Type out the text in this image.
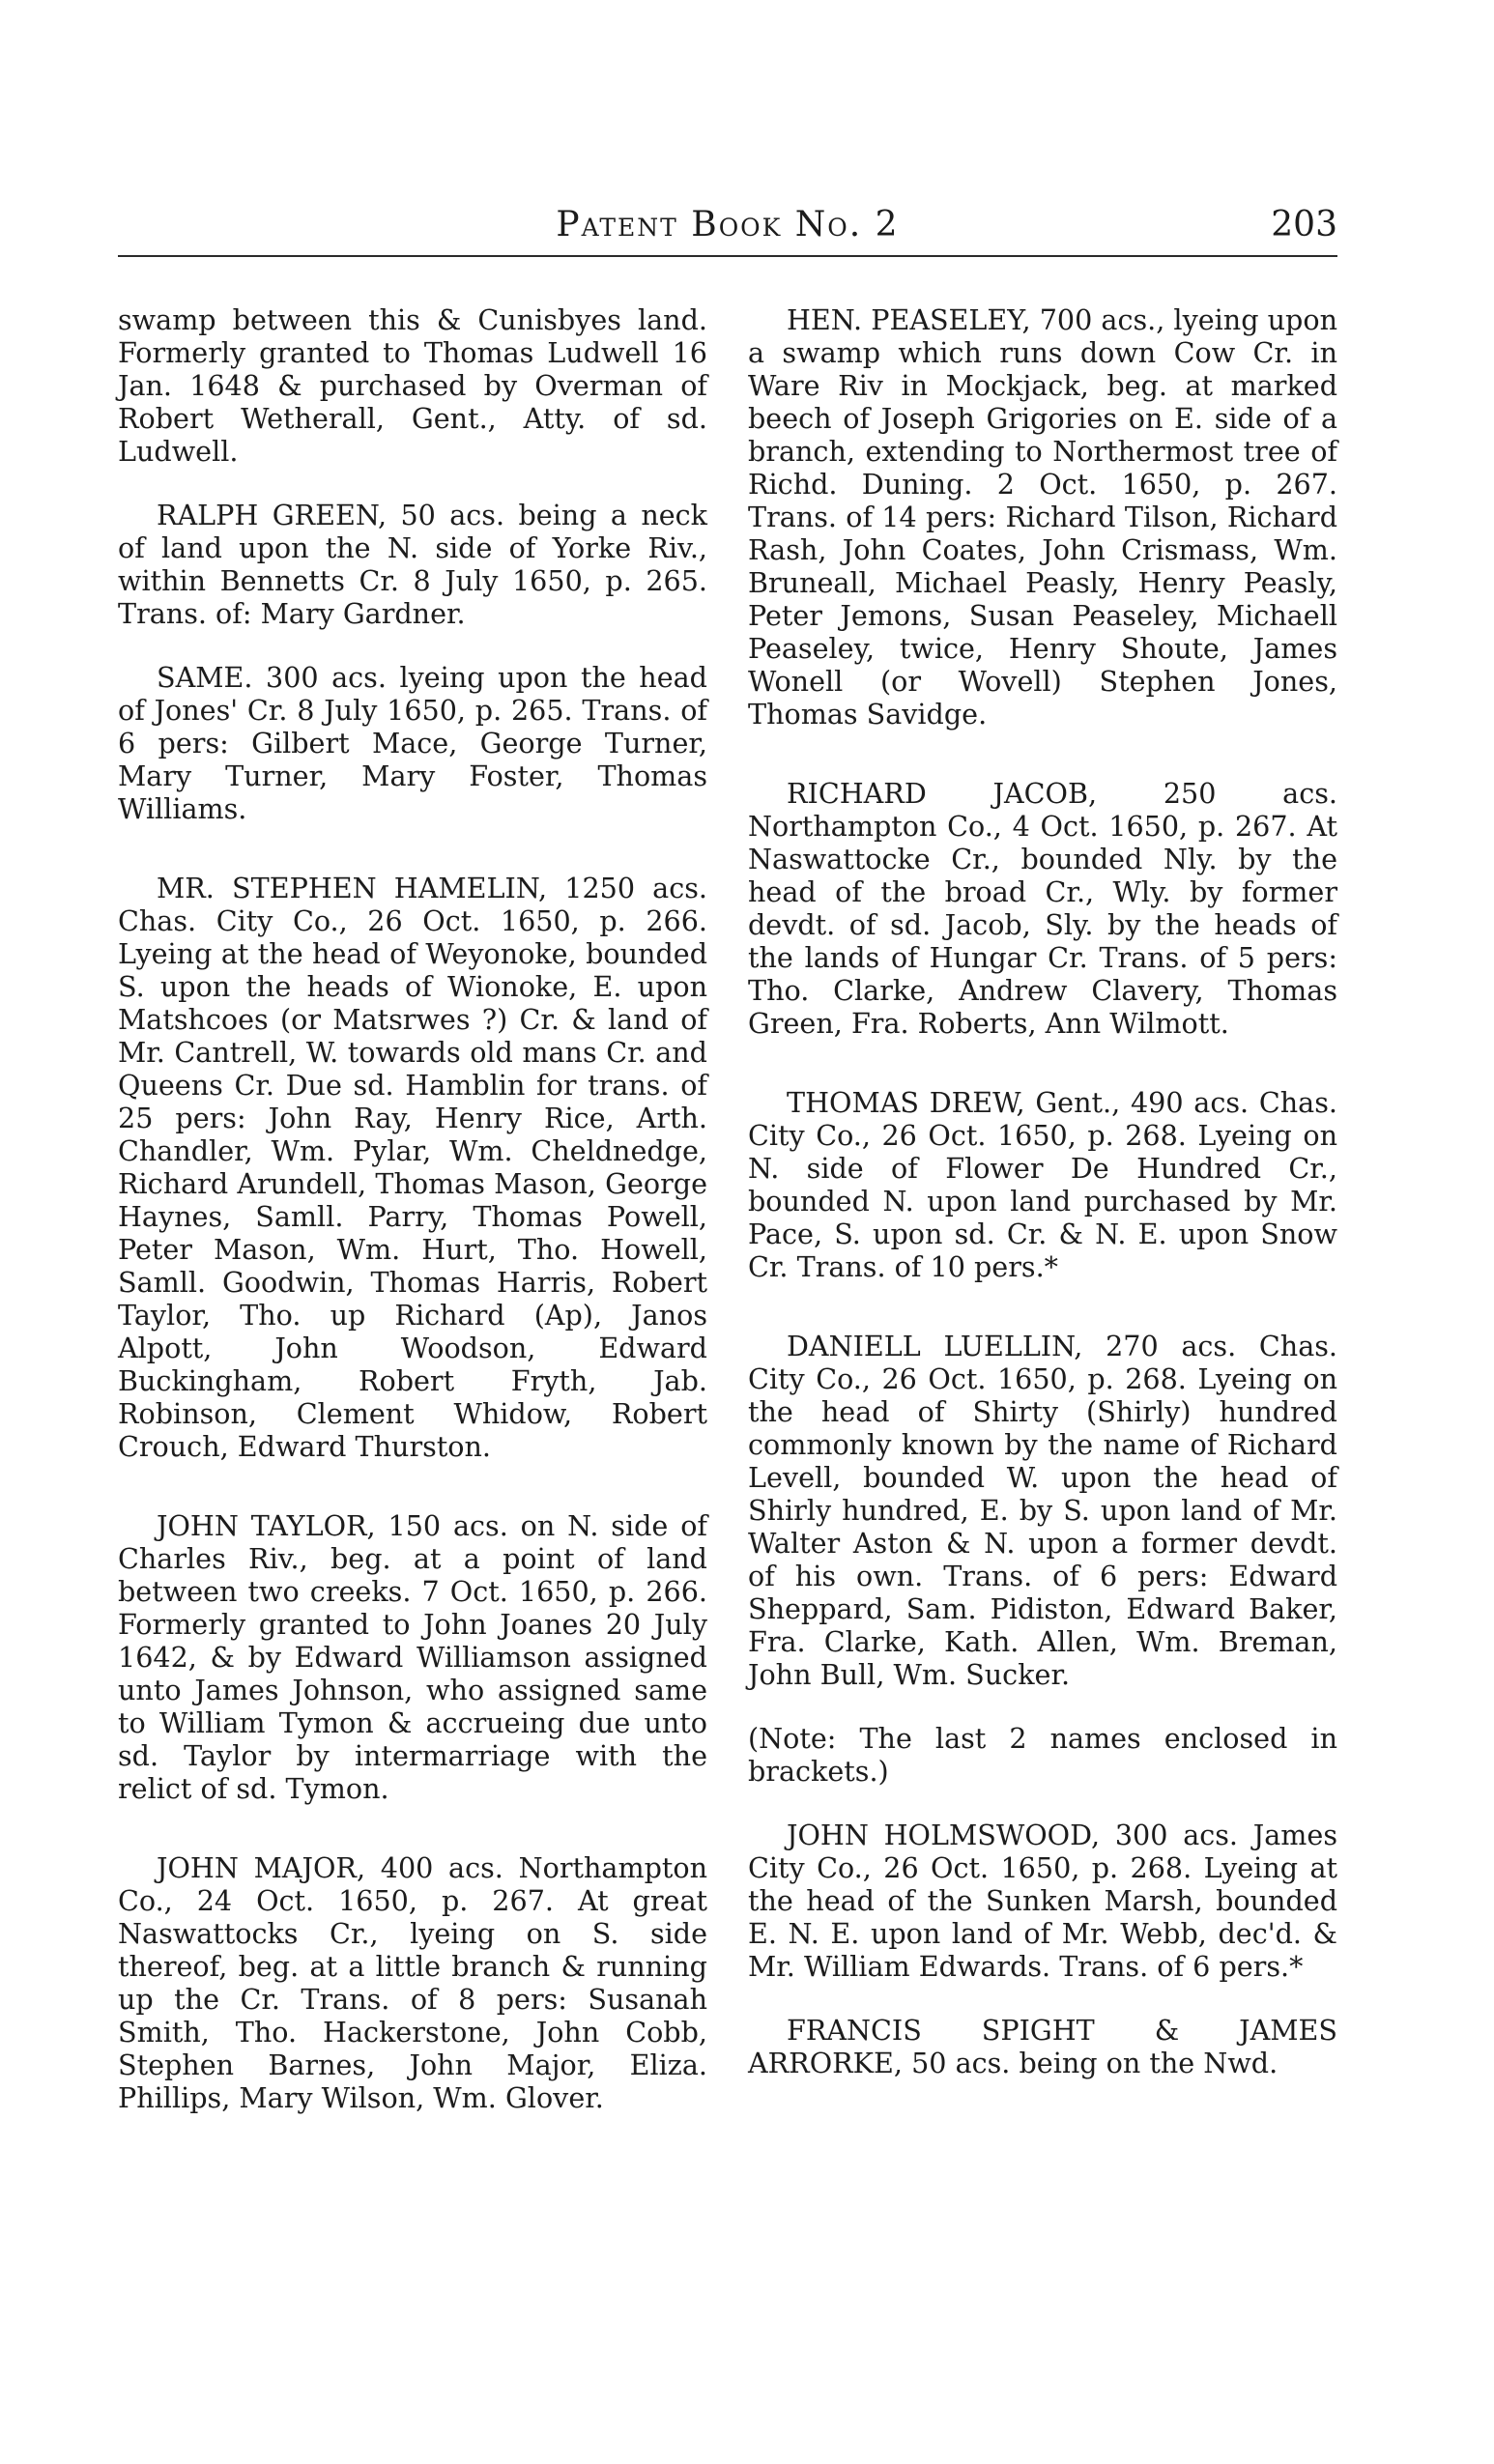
Patent Book No. 2	203

swamp between this & Cunisbyes land. Formerly granted to Thomas Ludwell 16 Jan. 1648 & purchased by Overman of Robert Wetherall, Gent., Atty. of sd. Ludwell.

RALPH GREEN, 50 acs. being a neck of land upon the N. side of Yorke Riv., within Bennetts Cr. 8 July 1650, p. 265. Trans. of: Mary Gardner.

SAME. 300 acs. lyeing upon the head of Jones' Cr. 8 July 1650, p. 265. Trans. of 6 pers: Gilbert Mace, George Turner, Mary Turner, Mary Foster, Thomas Williams.

MR. STEPHEN HAMELIN, 1250 acs. Chas. City Co., 26 Oct. 1650, p. 266. Lyeing at the head of Weyonoke, bounded S. upon the heads of Wionoke, E. upon Matshcoes (or Matsrwes ?) Cr. & land of Mr. Cantrell, W. towards old mans Cr. and Queens Cr. Due sd. Hamblin for trans. of 25 pers: John Ray, Henry Rice, Arth. Chandler, Wm. Pylar, Wm. Cheldnedge, Richard Arundell, Thomas Mason, George Haynes, Samll. Parry, Thomas Powell, Peter Mason, Wm. Hurt, Tho. Howell, Samll. Goodwin, Thomas Harris, Robert Taylor, Tho. up Richard (Ap), Janos Alpott, John Woodson, Edward Buckingham, Robert Fryth, Jab. Robinson, Clement Whidow, Robert Crouch, Edward Thurston.

JOHN TAYLOR, 150 acs. on N. side of Charles Riv., beg. at a point of land between two creeks. 7 Oct. 1650, p. 266. Formerly granted to John Joanes 20 July 1642, & by Edward Williamson assigned unto James Johnson, who assigned same to William Tymon & accrueing due unto sd. Taylor by intermarriage with the relict of sd. Tymon.

JOHN MAJOR, 400 acs. Northampton Co., 24 Oct. 1650, p. 267. At great Naswattocks Cr., lyeing on S. side thereof, beg. at a little branch & running up the Cr. Trans. of 8 pers: Susanah Smith, Tho. Hackerstone, John Cobb, Stephen Barnes, John Major, Eliza. Phillips, Mary Wilson, Wm. Glover.

HEN. PEASELEY, 700 acs., lyeing upon a swamp which runs down Cow Cr. in Ware Riv in Mockjack, beg. at marked beech of Joseph Grigories on E. side of a branch, extending to Northermost tree of Richd. Duning. 2 Oct. 1650, p. 267. Trans. of 14 pers: Richard Tilson, Richard Rash, John Coates, John Crismass, Wm. Bruneall, Michael Peasly, Henry Peasly, Peter Jemons, Susan Peaseley, Michaell Peaseley, twice, Henry Shoute, James Wonell (or Wovell) Stephen Jones, Thomas Savidge.

RICHARD JACOB, 250 acs. Northampton Co., 4 Oct. 1650, p. 267. At Naswattocke Cr., bounded Nly. by the head of the broad Cr., Wly. by former devdt. of sd. Jacob, Sly. by the heads of the lands of Hungar Cr. Trans. of 5 pers: Tho. Clarke, Andrew Clavery, Thomas Green, Fra. Roberts, Ann Wilmott.

THOMAS DREW, Gent., 490 acs. Chas. City Co., 26 Oct. 1650, p. 268. Lyeing on N. side of Flower De Hundred Cr., bounded N. upon land purchased by Mr. Pace, S. upon sd. Cr. & N. E. upon Snow Cr. Trans. of 10 pers.*

DANIELL LUELLIN, 270 acs. Chas. City Co., 26 Oct. 1650, p. 268. Lyeing on the head of Shirty (Shirly) hundred commonly known by the name of Richard Levell, bounded W. upon the head of Shirly hundred, E. by S. upon land of Mr. Walter Aston & N. upon a former devdt. of his own. Trans. of 6 pers: Edward Sheppard, Sam. Pidiston, Edward Baker, Fra. Clarke, Kath. Allen, Wm. Breman, John Bull, Wm. Sucker.

(Note: The last 2 names enclosed in brackets.)

JOHN HOLMSWOOD, 300 acs. James City Co., 26 Oct. 1650, p. 268. Lyeing at the head of the Sunken Marsh, bounded E. N. E. upon land of Mr. Webb, dec'd. & Mr. William Edwards. Trans. of 6 pers.*

FRANCIS SPIGHT & JAMES ARRORKE, 50 acs. being on the Nwd.
